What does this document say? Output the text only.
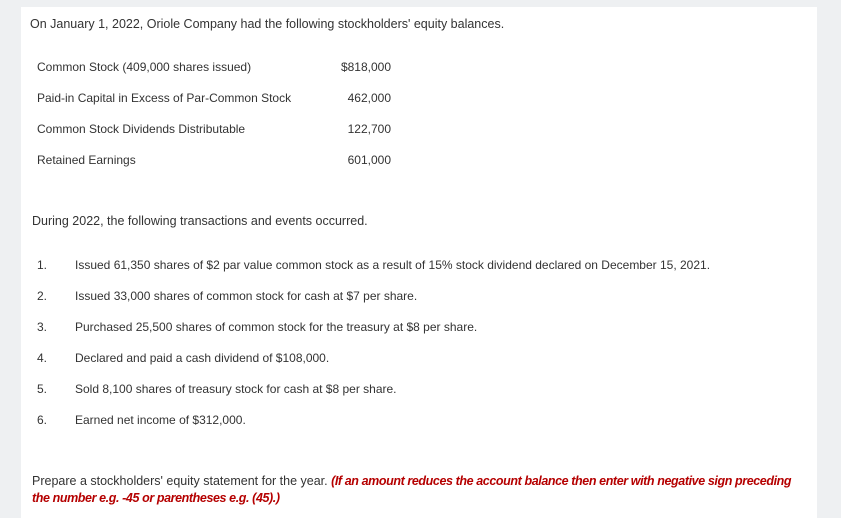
On January 1, 2022, Oriole Company had the following stockholders' equity balances.
Common Stock (409,000 shares issued)	$818,000
Paid-in Capital in Excess of Par-Common Stock	462,000
Common Stock Dividends Distributable	122,700
Retained Earnings	601,000
During 2022, the following transactions and events occurred.
1. Issued 61,350 shares of $2 par value common stock as a result of 15% stock dividend declared on December 15, 2021.
2. Issued 33,000 shares of common stock for cash at $7 per share.
3. Purchased 25,500 shares of common stock for the treasury at $8 per share.
4. Declared and paid a cash dividend of $108,000.
5. Sold 8,100 shares of treasury stock for cash at $8 per share.
6. Earned net income of $312,000.
Prepare a stockholders' equity statement for the year. (If an amount reduces the account balance then enter with negative sign preceding the number e.g. -45 or parentheses e.g. (45).)
